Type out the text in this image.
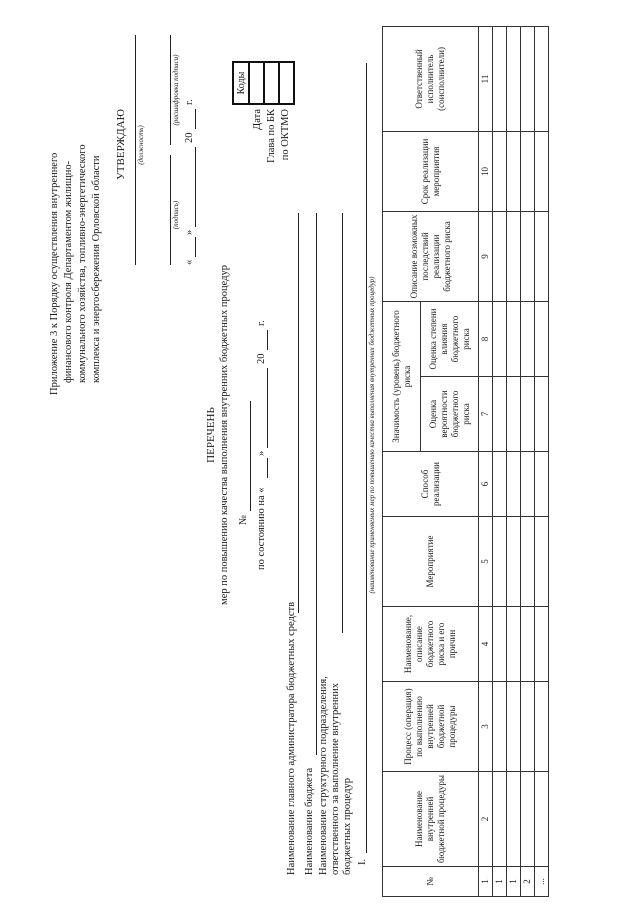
Приложение 3 к Порядку осуществления внутреннего финансового контроля Департаментом жилищно- коммунального хозяйства, топливно-энергетического комплекса и энергосбережения Орловской области
УТВЕРЖДАЮ (должность)
(подпись)
(расшифровка подписи)
«
»
20
г.
Коды

Дата Глава по БК по ОКТМО
ПЕРЕЧЕНЬ мер по повышению качества выполнения внутренних бюджетных процедур № по состоянию на «
»
20
г.
Наименование главного администратора бюджетных средств Наименование бюджета Наименование структурного подразделения, ответственного за выполнение внутренних бюджетных процедур I.
(наименование применяемых мер по повышению качества выполнения внутренних бюджетных процедур)
№	Наименование внутренней бюджетной процедуры	Процесс (операция) по выполнению внутренней бюджетной процедуры	Наименование, описание бюджетного риска и его причин	Мероприятие	Способ реализации	Значимость (уровень) бюджетного риска		Описание возможных последствий реализации бюджетного риска	Срок реализации мероприятия	Ответственный исполнитель (соисполнители)
						Оценка вероятности бюджетного риска	Оценка степени влияния бюджетного риска			
1	2	3	4	5	6	7	8	9	10	11
1										
1										
2										
...										
